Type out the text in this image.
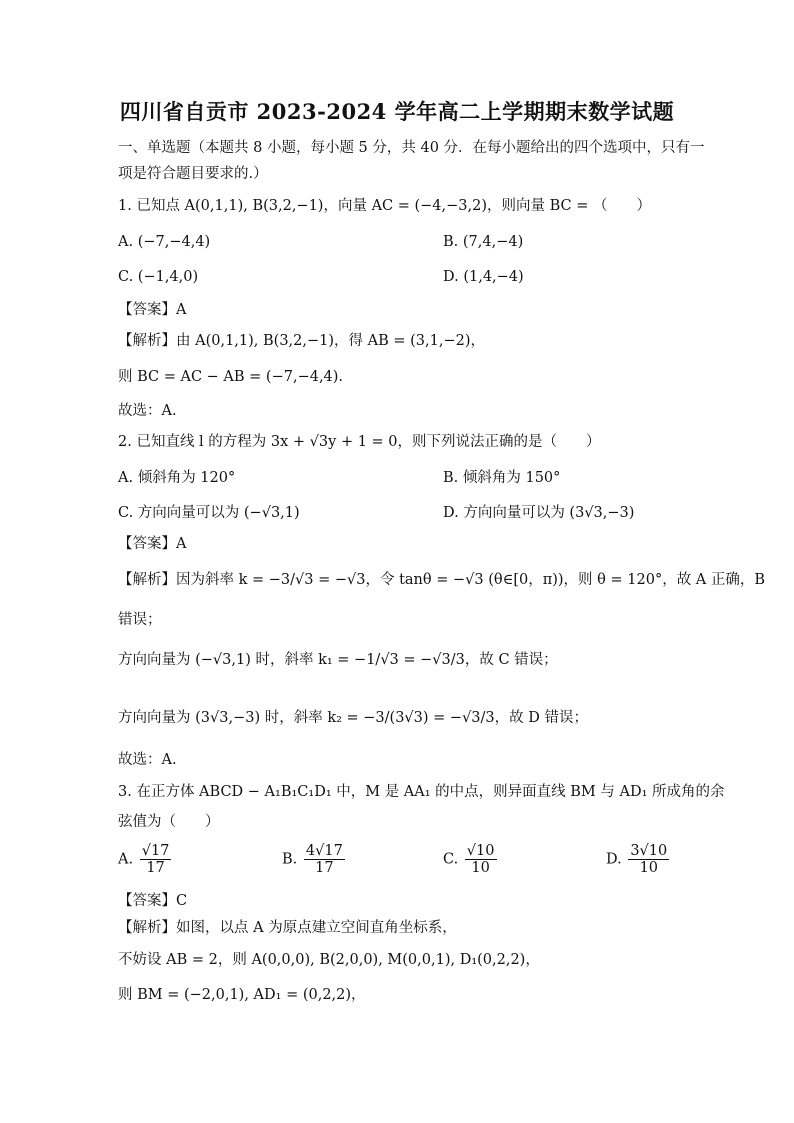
四川省自贡市 2023-2024 学年高二上学期期末数学试题
一、单选题（本题共 8 小题，每小题 5 分，共 40 分．在每小题给出的四个选项中，只有一
项是符合题目要求的.）
1. 已知点 A(0,1,1), B(3,2,−1)，向量 AC = (−4,−3,2)，则向量 BC = （　　）
A. (−7,−4,4)	B. (7,4,−4)
C. (−1,4,0)	D. (1,4,−4)
【答案】A
【解析】由 A(0,1,1), B(3,2,−1)，得 AB = (3,1,−2)，
则 BC = AC − AB = (−7,−4,4).
故选：A.
2. 已知直线 l 的方程为 3x + √3y + 1 = 0，则下列说法正确的是（　　）
A. 倾斜角为 120°	B. 倾斜角为 150°
C. 方向向量可以为 (−√3,1)	D. 方向向量可以为 (3√3,−3)
【答案】A
【解析】因为斜率 k = −3/√3 = −√3，令 tanθ = −√3 (θ∈[0，π))，则 θ = 120°，故 A 正确，B
错误；
方向向量为 (−√3,1) 时，斜率 k₁ = −1/√3 = −√3/3，故 C 错误；
方向向量为 (3√3,−3) 时，斜率 k₂ = −3/(3√3) = −√3/3，故 D 错误；
故选：A.
3. 在正方体 ABCD − A₁B₁C₁D₁ 中，M 是 AA₁ 的中点，则异面直线 BM 与 AD₁ 所成角的余
弦值为（　　）
A. $\frac{√17}{17}$	B. $\frac{4√17}{17}$	C. $\frac{√10}{10}$	D. $\frac{3√10}{10}$
【答案】C
【解析】如图，以点 A 为原点建立空间直角坐标系，
不妨设 AB = 2，则 A(0,0,0), B(2,0,0), M(0,0,1), D₁(0,2,2)，
则 BM = (−2,0,1), AD₁ = (0,2,2)，
